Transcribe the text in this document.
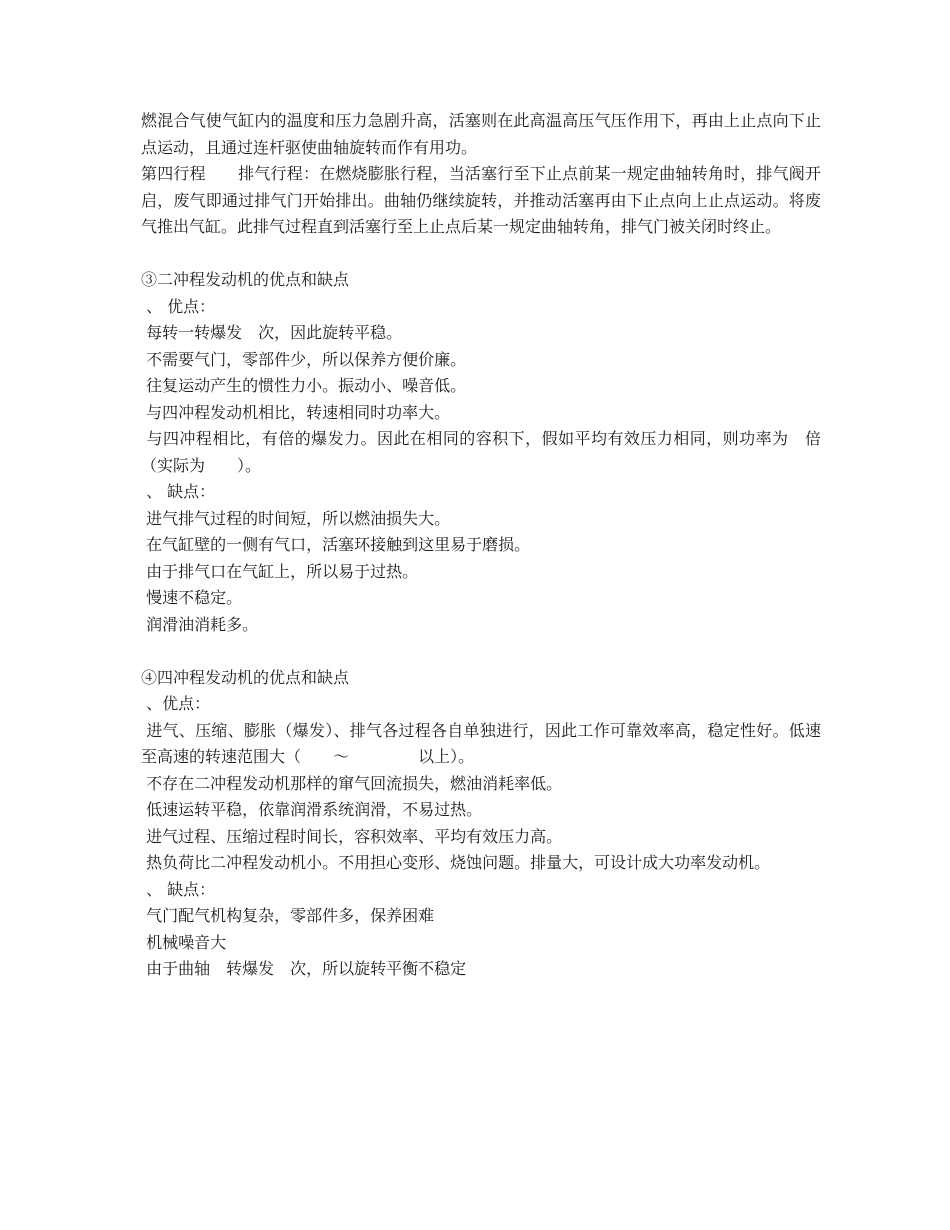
燃混合气使气缸内的温度和压力急剧升高，活塞则在此高温高压气压作用下，再由上止点向下止点运动，且通过连杆驱使曲轴旋转而作有用功。

第四行程　　排气行程：在燃烧膨胀行程，当活塞行至下止点前某一规定曲轴转角时，排气阀开启，废气即通过排气门开始排出。曲轴仍继续旋转，并推动活塞再由下止点向上止点运动。将废气推出气缸。此排气过程直到活塞行至上止点后某一规定曲轴转角，排气门被关闭时终止。

③二冲程发动机的优点和缺点

、 优点：

每转一转爆发　次，因此旋转平稳。

不需要气门，零部件少，所以保养方便价廉。

往复运动产生的惯性力小。振动小、噪音低。

与四冲程发动机相比，转速相同时功率大。

与四冲程相比，有倍的爆发力。因此在相同的容积下，假如平均有效压力相同，则功率为　倍（实际为　　）。

、 缺点：

进气排气过程的时间短，所以燃油损失大。

在气缸壁的一侧有气口，活塞环接触到这里易于磨损。

由于排气口在气缸上，所以易于过热。

慢速不稳定。

润滑油消耗多。

④四冲程发动机的优点和缺点

、优点：

进气、压缩、膨胀（爆发）、排气各过程各自单独进行，因此工作可靠效率高，稳定性好。低速至高速的转速范围大（　　～　　　　 以上）。

不存在二冲程发动机那样的窜气回流损失，燃油消耗率低。

低速运转平稳，依靠润滑系统润滑，不易过热。

进气过程、压缩过程时间长，容积效率、平均有效压力高。

热负荷比二冲程发动机小。不用担心变形、烧蚀问题。排量大，可设计成大功率发动机。

、 缺点：

气门配气机构复杂，零部件多，保养困难

机械噪音大

由于曲轴　转爆发　次，所以旋转平衡不稳定
